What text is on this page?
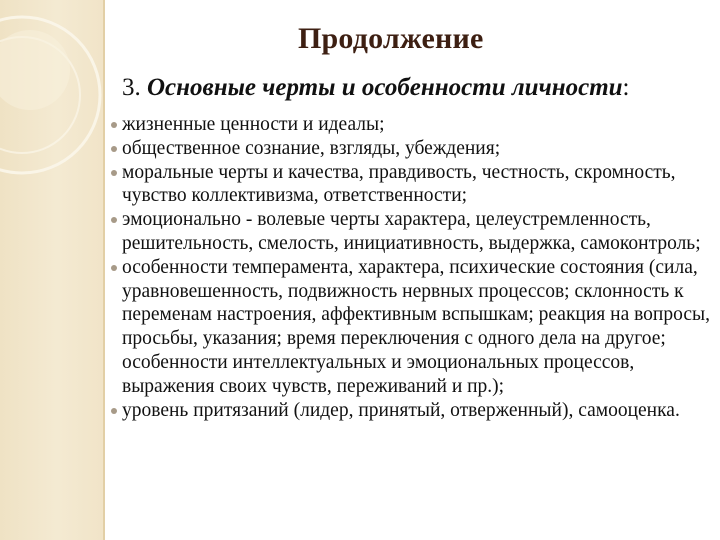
Продолжение
3. Основные черты и особенности личности:
жизненные ценности и идеалы;
общественное сознание, взгляды, убеждения;
моральные черты и качества, правдивость, честность, скромность, чувство коллективизма, ответственности;
эмоционально - волевые черты характера, целеустремленность, решительность, смелость, инициативность, выдержка, самоконтроль;
особенности темперамента, характера, психические состояния (сила, уравновешенность, подвижность нервных процессов; склонность к переменам настроения, аффективным вспышкам; реакция на вопросы, просьбы, указания; время переключения с одного дела на другое; особенности интеллектуальных и эмоциональных процессов, выражения своих чувств, переживаний и пр.);
уровень притязаний (лидер, принятый, отверженный), самооценка.
